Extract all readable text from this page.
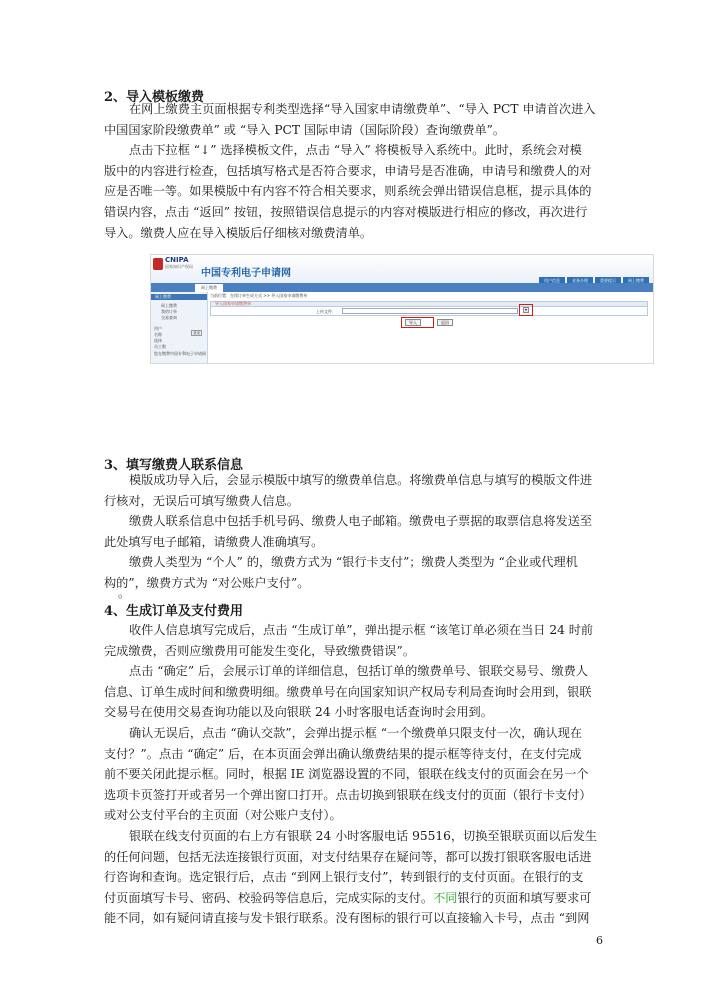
2、导入模板缴费
在网上缴费主页面根据专利类型选择“导入国家申请缴费单”、“导入 PCT 申请首次进入
中国国家阶段缴费单” 或 “导入 PCT 国际申请（国际阶段）查询缴费单”。
点击下拉框 “↓” 选择模板文件，点击 “导入” 将模板导入系统中。此时，系统会对模
版中的内容进行检查，包括填写格式是否符合要求，申请号是否准确，申请号和缴费人的对
应是否唯一等。如果模版中有内容不符合相关要求，则系统会弹出错误信息框，提示具体的
错误内容，点击 “返回” 按钮，按照错误信息提示的内容对模版进行相应的修改，再次进行
导入。缴费人应在导入模版后仔细核对缴费清单。
CNIPA
国家知识产权局
中国专利电子申请网
用户信息	业务办理	重要提示	网上缴费
网上缴费
网上缴费
网上缴费
我的订单
交易查询
用户
名称
选择
员工数
您在缴费中国专利电子申请网
登录
当前位置：在线订单生成方式 >> 导入国家申请缴费单
导入国家申请缴费单
上传文件：	▾
导入	返回
3、填写缴费人联系信息
模版成功导入后，会显示模版中填写的缴费单信息。将缴费单信息与填写的模版文件进
行核对，无误后可填写缴费人信息。
缴费人联系信息中包括手机号码、缴费人电子邮箱。缴费电子票据的取票信息将发送至
此处填写电子邮箱，请缴费人准确填写。
缴费人类型为 “个人” 的，缴费方式为 “银行卡支付”；缴费人类型为 “企业或代理机
构的”，缴费方式为 “对公账户支付”。
。
4、生成订单及支付费用
收件人信息填写完成后，点击 “生成订单”，弹出提示框 “该笔订单必须在当日 24 时前
完成缴费，否则应缴费用可能发生变化，导致缴费错误”。
点击 “确定” 后，会展示订单的详细信息，包括订单的缴费单号、银联交易号、缴费人
信息、订单生成时间和缴费明细。缴费单号在向国家知识产权局专利局查询时会用到，银联
交易号在使用交易查询功能以及向银联 24 小时客服电话查询时会用到。
确认无误后，点击 “确认交款”，会弹出提示框 “一个缴费单只限支付一次，确认现在
支付？”。点击 “确定” 后，在本页面会弹出确认缴费结果的提示框等待支付，在支付完成
前不要关闭此提示框。同时，根据 IE 浏览器设置的不同，银联在线支付的页面会在另一个
选项卡页签打开或者另一个弹出窗口打开。点击切换到银联在线支付的页面（银行卡支付）
或对公支付平台的主页面（对公账户支付）。
银联在线支付页面的右上方有银联 24 小时客服电话 95516，切换至银联页面以后发生
的任何问题，包括无法连接银行页面，对支付结果存在疑问等，都可以拨打银联客服电话进
行咨询和查询。选定银行后，点击 “到网上银行支付”，转到银行的支付页面。在银行的支
付页面填写卡号、密码、校验码等信息后，完成实际的支付。不同银行的页面和填写要求可
能不同，如有疑问请直接与发卡银行联系。没有图标的银行可以直接输入卡号，点击 “到网
6
